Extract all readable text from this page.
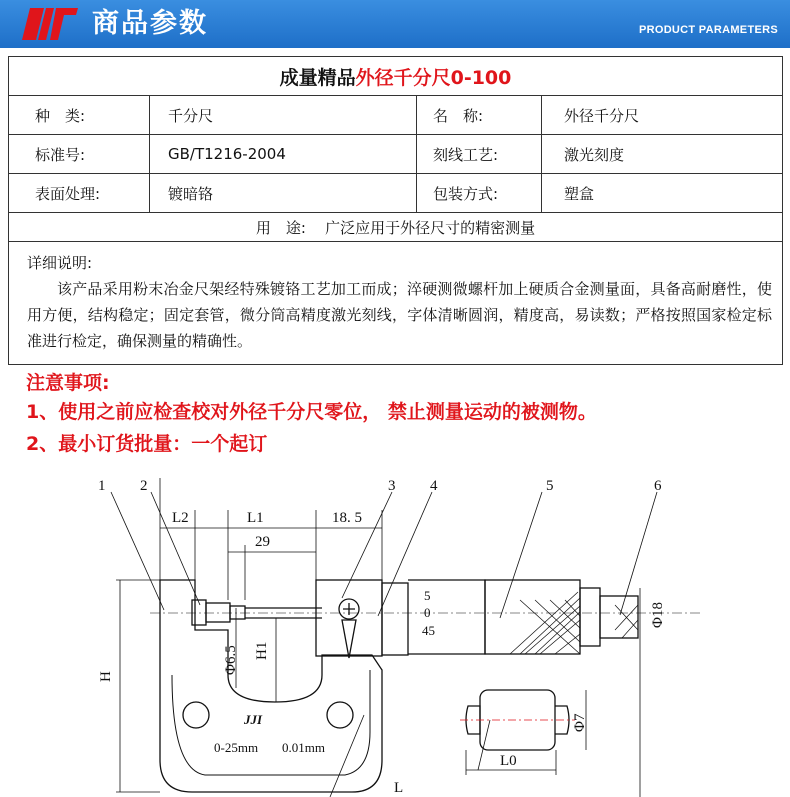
商品参数	PRODUCT PARAMETERS
成量精品外径千分尺0-100			
种　类:	千分尺	名　称:	外径千分尺
标准号:	GB/T1216-2004	刻线工艺:	激光刻度
表面处理:	镀暗铬	包装方式:	塑盒
用　途: 广泛应用于外径尺寸的精密测量			

详细说明:
该产品采用粉末冶金尺架经特殊镀铬工艺加工而成；淬硬测微螺杆加上硬质合金测量面，具备高耐磨性，使用方便，结构稳定；固定套管，微分筒高精度激光刻线，字体清晰圆润，精度高，易读数；严格按照国家检定标准进行检定，确保测量的精确性。			
注意事项:
1、使用之前应检查校对外径千分尺零位， 禁止测量运动的被测物。
2、最小订货批量：一个起订
JJI
0-25mm 0.01mm
5
0
45
1 2	3 4	5	6
L2	L1	18. 5
29
H
Φ6.5 H1
Φ18
Φ7
L0
L
